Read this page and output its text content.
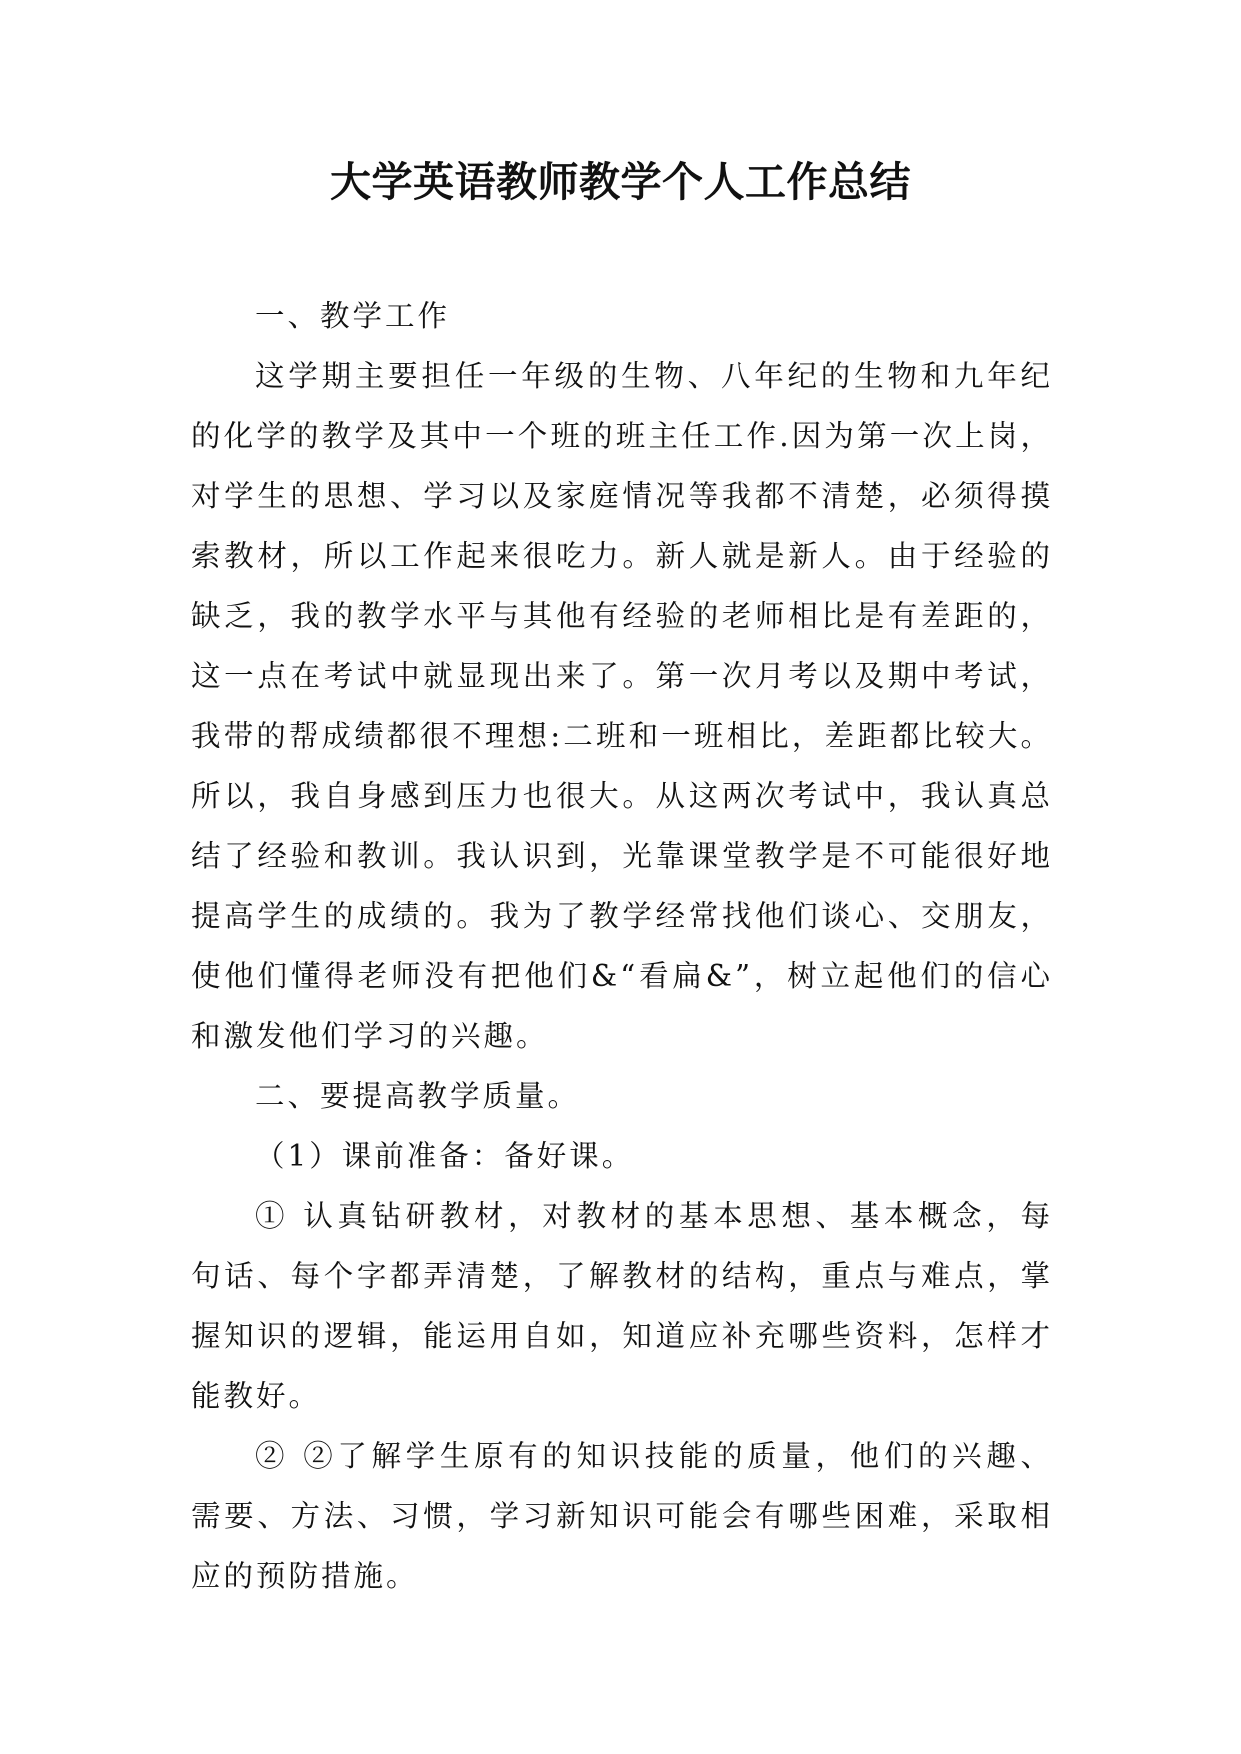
大学英语教师教学个人工作总结
一、教学工作
这学期主要担任一年级的生物、八年纪的生物和九年纪
的化学的教学及其中一个班的班主任工作.因为第一次上岗，
对学生的思想、学习以及家庭情况等我都不清楚，必须得摸
索教材，所以工作起来很吃力。新人就是新人。由于经验的
缺乏，我的教学水平与其他有经验的老师相比是有差距的，
这一点在考试中就显现出来了。第一次月考以及期中考试，
我带的帮成绩都很不理想:二班和一班相比，差距都比较大。
所以，我自身感到压力也很大。从这两次考试中，我认真总
结了经验和教训。我认识到，光靠课堂教学是不可能很好地
提高学生的成绩的。我为了教学经常找他们谈心、交朋友，
使他们懂得老师没有把他们&“看扁&”，树立起他们的信心
和激发他们学习的兴趣。
二、要提高教学质量。
（1）课前准备：备好课。
① 认真钻研教材，对教材的基本思想、基本概念，每
句话、每个字都弄清楚，了解教材的结构，重点与难点，掌
握知识的逻辑，能运用自如，知道应补充哪些资料，怎样才
能教好。
② ②了解学生原有的知识技能的质量，他们的兴趣、
需要、方法、习惯，学习新知识可能会有哪些困难，采取相
应的预防措施。
